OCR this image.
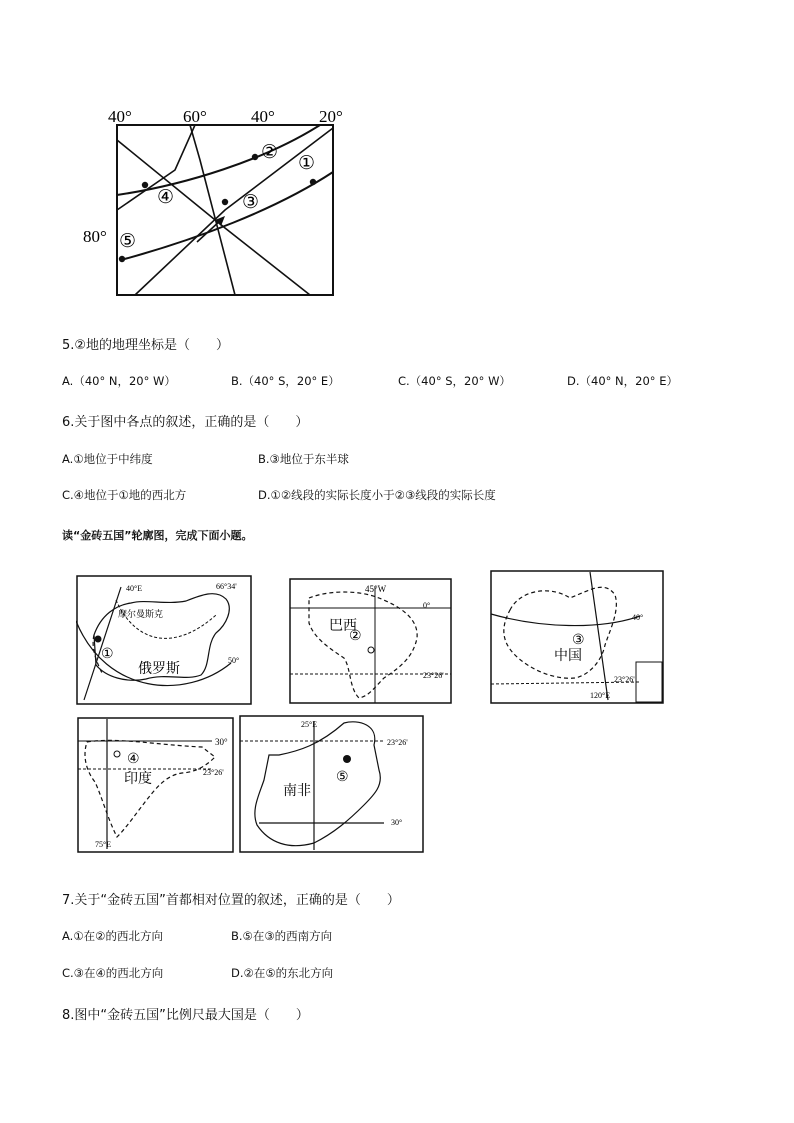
40°	60°	40°	20°
80°
②
①
④	③
⑤
5.②地的地理坐标是（　　）
A.（40° N，20° W）	B.（40° S，20° E）	C.（40° S，20° W）	D.（40° N，20° E）
6.关于图中各点的叙述，正确的是（　　）
A.①地位于中纬度	B.③地位于东半球
C.④地位于①地的西北方	D.①②线段的实际长度小于②③线段的实际长度
读“金砖五国”轮廓图，完成下面小题。
40°E	66°34'
50°
摩尔曼斯克
①
俄罗斯
45°W
0°
23°26'
巴西
②
40°
23°26'
120°E
③
中国
30°
23°26'
75°E
④
印度
25°E
23°26'
30°
⑤
南非
7.关于“金砖五国”首都相对位置的叙述，正确的是（　　）
A.①在②的西北方向	B.⑤在③的西南方向
C.③在④的西北方向	D.②在⑤的东北方向
8.图中“金砖五国”比例尺最大国是（　　）
